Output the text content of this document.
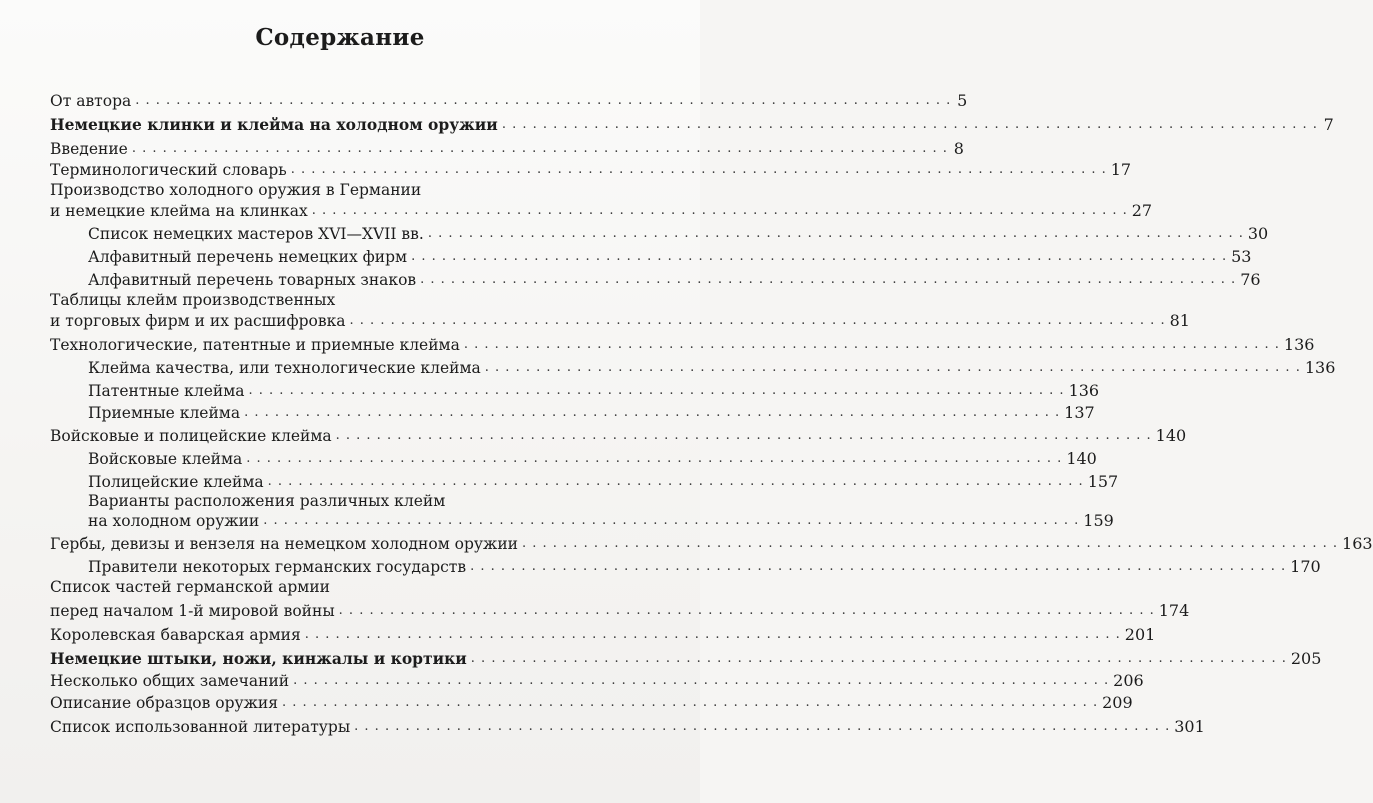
Содержание
От автора . . . . . . . . . . . . . . . . . . . . . . . . . . . . . . . . . . . . . . . . . . . . . . . . . . . . . . . . . . . . . . . . . . . . . . . . . . . . . . . . 5
Немецкие клинки и клейма на холодном оружии . . . . . . . . . . . . . . . . . . . . . . . . . . . . . . . . . . . . . . . . . . . . . . . . . . . . . . . . . . . . . . . . . . . . . . . . . . . . . . . . 7
Введение . . . . . . . . . . . . . . . . . . . . . . . . . . . . . . . . . . . . . . . . . . . . . . . . . . . . . . . . . . . . . . . . . . . . . . . . . . . . . . . . 8
Терминологический словарь . . . . . . . . . . . . . . . . . . . . . . . . . . . . . . . . . . . . . . . . . . . . . . . . . . . . . . . . . . . . . . . . . . . . . . . . . . . . . . . . 17
Производство холодного оружия в Германии
и немецкие клейма на клинках . . . . . . . . . . . . . . . . . . . . . . . . . . . . . . . . . . . . . . . . . . . . . . . . . . . . . . . . . . . . . . . . . . . . . . . . . . . . . . . . 27
Список немецких мастеров XVI—XVII вв. . . . . . . . . . . . . . . . . . . . . . . . . . . . . . . . . . . . . . . . . . . . . . . . . . . . . . . . . . . . . . . . . . . . . . . . . . . . . . . . . 30
Алфавитный перечень немецких фирм . . . . . . . . . . . . . . . . . . . . . . . . . . . . . . . . . . . . . . . . . . . . . . . . . . . . . . . . . . . . . . . . . . . . . . . . . . . . . . . . 53
Алфавитный перечень товарных знаков . . . . . . . . . . . . . . . . . . . . . . . . . . . . . . . . . . . . . . . . . . . . . . . . . . . . . . . . . . . . . . . . . . . . . . . . . . . . . . . . 76
Таблицы клейм производственных
и торговых фирм и их расшифровка . . . . . . . . . . . . . . . . . . . . . . . . . . . . . . . . . . . . . . . . . . . . . . . . . . . . . . . . . . . . . . . . . . . . . . . . . . . . . . . . 81
Технологические, патентные и приемные клейма . . . . . . . . . . . . . . . . . . . . . . . . . . . . . . . . . . . . . . . . . . . . . . . . . . . . . . . . . . . . . . . . . . . . . . . . . . . . . . . . 136
Клейма качества, или технологические клейма . . . . . . . . . . . . . . . . . . . . . . . . . . . . . . . . . . . . . . . . . . . . . . . . . . . . . . . . . . . . . . . . . . . . . . . . . . . . . . . . 136
Патентные клейма . . . . . . . . . . . . . . . . . . . . . . . . . . . . . . . . . . . . . . . . . . . . . . . . . . . . . . . . . . . . . . . . . . . . . . . . . . . . . . . . 136
Приемные клейма . . . . . . . . . . . . . . . . . . . . . . . . . . . . . . . . . . . . . . . . . . . . . . . . . . . . . . . . . . . . . . . . . . . . . . . . . . . . . . . . 137
Войсковые и полицейские клейма . . . . . . . . . . . . . . . . . . . . . . . . . . . . . . . . . . . . . . . . . . . . . . . . . . . . . . . . . . . . . . . . . . . . . . . . . . . . . . . . 140
Войсковые клейма . . . . . . . . . . . . . . . . . . . . . . . . . . . . . . . . . . . . . . . . . . . . . . . . . . . . . . . . . . . . . . . . . . . . . . . . . . . . . . . . 140
Полицейские клейма . . . . . . . . . . . . . . . . . . . . . . . . . . . . . . . . . . . . . . . . . . . . . . . . . . . . . . . . . . . . . . . . . . . . . . . . . . . . . . . . 157
Варианты расположения различных клейм
на холодном оружии . . . . . . . . . . . . . . . . . . . . . . . . . . . . . . . . . . . . . . . . . . . . . . . . . . . . . . . . . . . . . . . . . . . . . . . . . . . . . . . . 159
Гербы, девизы и вензеля на немецком холодном оружии . . . . . . . . . . . . . . . . . . . . . . . . . . . . . . . . . . . . . . . . . . . . . . . . . . . . . . . . . . . . . . . . . . . . . . . . . . . . . . . . 163
Правители некоторых германских государств . . . . . . . . . . . . . . . . . . . . . . . . . . . . . . . . . . . . . . . . . . . . . . . . . . . . . . . . . . . . . . . . . . . . . . . . . . . . . . . . 170
Список частей германской армии
перед началом 1-й мировой войны . . . . . . . . . . . . . . . . . . . . . . . . . . . . . . . . . . . . . . . . . . . . . . . . . . . . . . . . . . . . . . . . . . . . . . . . . . . . . . . . 174
Королевская баварская армия . . . . . . . . . . . . . . . . . . . . . . . . . . . . . . . . . . . . . . . . . . . . . . . . . . . . . . . . . . . . . . . . . . . . . . . . . . . . . . . . 201
Немецкие штыки, ножи, кинжалы и кортики . . . . . . . . . . . . . . . . . . . . . . . . . . . . . . . . . . . . . . . . . . . . . . . . . . . . . . . . . . . . . . . . . . . . . . . . . . . . . . . . 205
Несколько общих замечаний . . . . . . . . . . . . . . . . . . . . . . . . . . . . . . . . . . . . . . . . . . . . . . . . . . . . . . . . . . . . . . . . . . . . . . . . . . . . . . . . 206
Описание образцов оружия . . . . . . . . . . . . . . . . . . . . . . . . . . . . . . . . . . . . . . . . . . . . . . . . . . . . . . . . . . . . . . . . . . . . . . . . . . . . . . . . 209
Список использованной литературы . . . . . . . . . . . . . . . . . . . . . . . . . . . . . . . . . . . . . . . . . . . . . . . . . . . . . . . . . . . . . . . . . . . . . . . . . . . . . . . . 301
